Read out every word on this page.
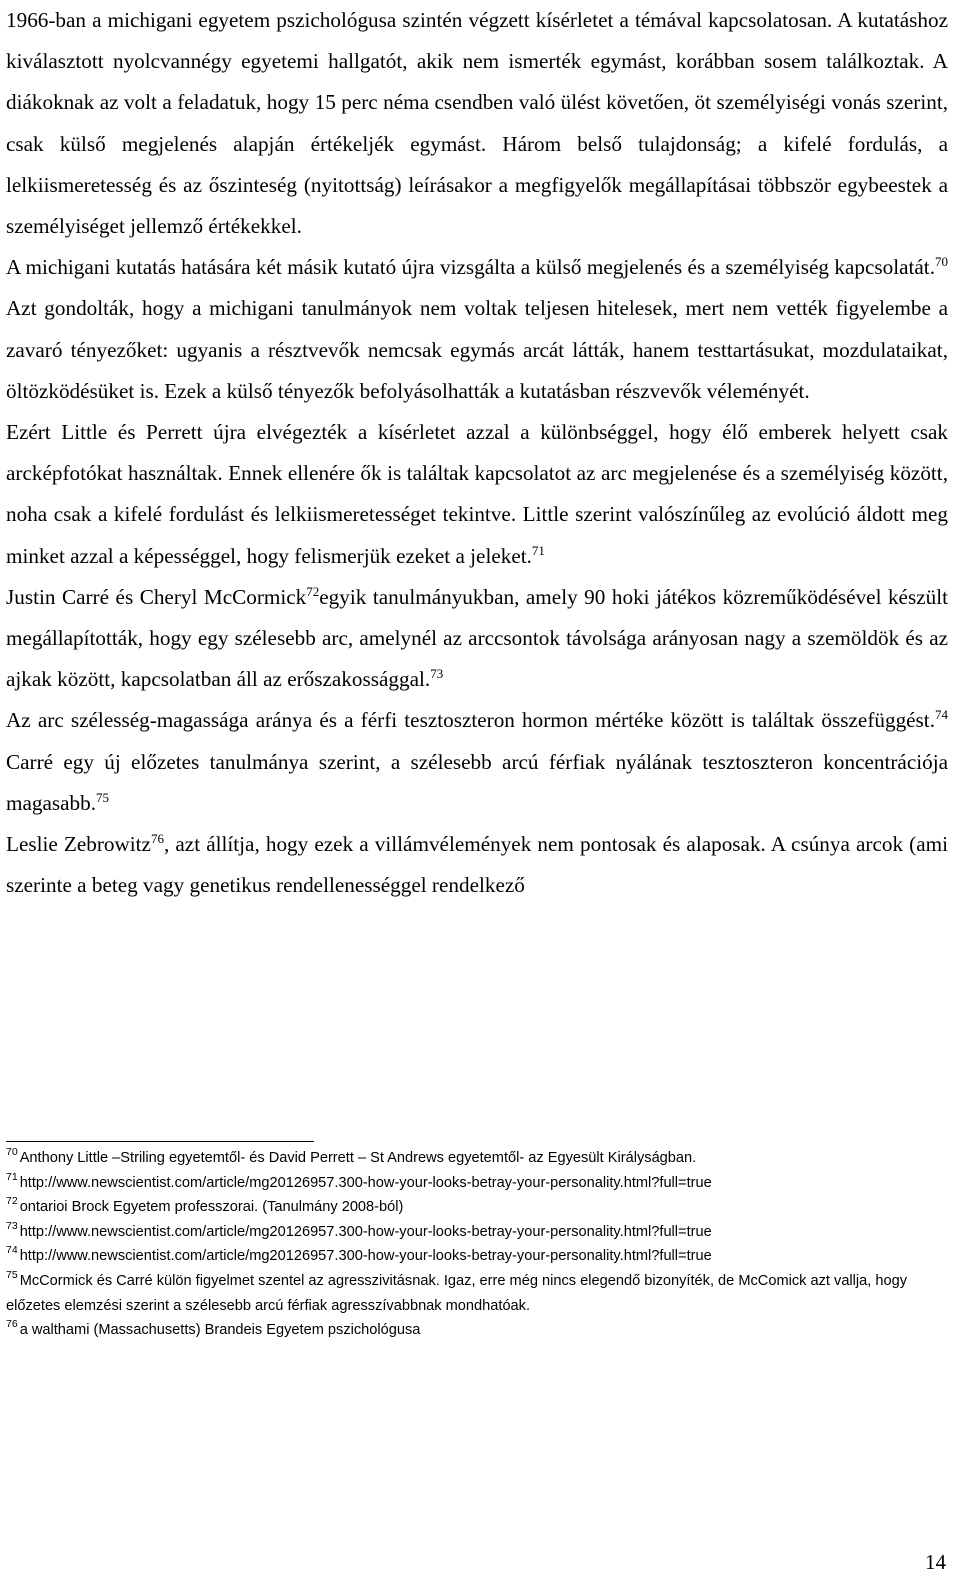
1966-ban a michigani egyetem pszichológusa szintén végzett kísérletet a témával kapcsolatosan. A kutatáshoz kiválasztott nyolcvannégy egyetemi hallgatót, akik nem ismerték egymást, korábban sosem találkoztak. A diákoknak az volt a feladatuk, hogy 15 perc néma csendben való ülést követően, öt személyiségi vonás szerint, csak külső megjelenés alapján értékeljék egymást. Három belső tulajdonság; a kifelé fordulás, a lelkiismeretesség és az őszinteség (nyitottság) leírásakor a megfigyelők megállapításai többször egybeestek a személyiséget jellemző értékekkel.

A michigani kutatás hatására két másik kutató újra vizsgálta a külső megjelenés és a személyiség kapcsolatát.$^{70}$ Azt gondolták, hogy a michigani tanulmányok nem voltak teljesen hitelesek, mert nem vették figyelembe a zavaró tényezőket: ugyanis a résztvevők nemcsak egymás arcát látták, hanem testtartásukat, mozdulataikat, öltözködésüket is. Ezek a külső tényezők befolyásolhatták a kutatásban részvevők véleményét.

Ezért Little és Perrett újra elvégezték a kísérletet azzal a különbséggel, hogy élő emberek helyett csak arcképfotókat használtak. Ennek ellenére ők is találtak kapcsolatot az arc megjelenése és a személyiség között, noha csak a kifelé fordulást és lelkiismeretességet tekintve. Little szerint valószínűleg az evolúció áldott meg minket azzal a képességgel, hogy felismerjük ezeket a jeleket.$^{71}$

Justin Carré és Cheryl McCormick$^{72}$egyik tanulmányukban, amely 90 hoki játékos közreműködésével készült megállapították, hogy egy szélesebb arc, amelynél az arccsontok távolsága arányosan nagy a szemöldök és az ajkak között, kapcsolatban áll az erőszakossággal.$^{73}$

Az arc szélesség-magassága aránya és a férfi tesztoszteron hormon mértéke között is találtak összefüggést.$^{74}$ Carré egy új előzetes tanulmánya szerint, a szélesebb arcú férfiak nyálának tesztoszteron koncentrációja magasabb.$^{75}$

Leslie Zebrowitz$^{76}$, azt állítja, hogy ezek a villámvélemények nem pontosak és alaposak. A csúnya arcok (ami szerinte a beteg vagy genetikus rendellenességgel rendelkező

$^{70}$ Anthony Little –Striling egyetemtől- és David Perrett – St Andrews egyetemtől- az Egyesült Királyságban.

$^{71}$ http://www.newscientist.com/article/mg20126957.300-how-your-looks-betray-your-personality.html?full=true

$^{72}$ ontarioi Brock Egyetem professzorai. (Tanulmány 2008-ból)

$^{73}$ http://www.newscientist.com/article/mg20126957.300-how-your-looks-betray-your-personality.html?full=true

$^{74}$ http://www.newscientist.com/article/mg20126957.300-how-your-looks-betray-your-personality.html?full=true

$^{75}$ McCormick és Carré külön figyelmet szentel az agresszivitásnak. Igaz, erre még nincs elegendő bizonyíték, de McComick azt vallja, hogy előzetes elemzési szerint a szélesebb arcú férfiak agresszívabbnak mondhatóak.

$^{76}$ a walthami (Massachusetts) Brandeis Egyetem pszichológusa

14
